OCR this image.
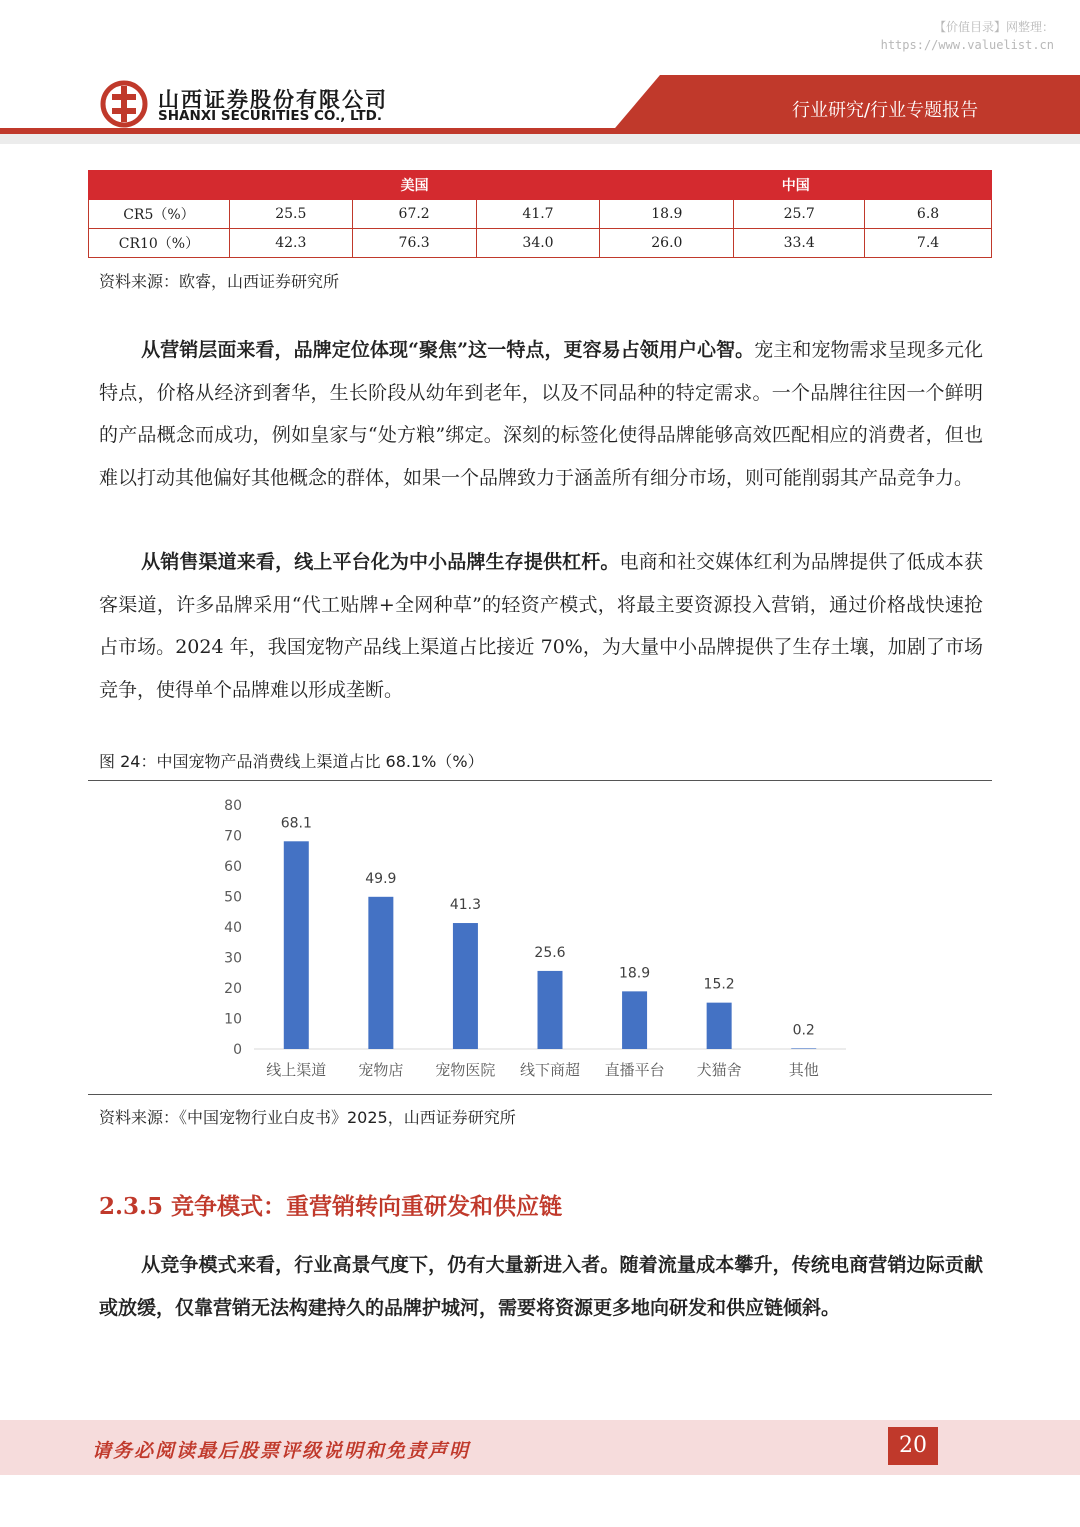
【价值目录】网整理：
https://www.valuelist.cn
山西证券股份有限公司
SHANXI SECURITIES CO., LTD.	行业研究/行业专题报告
	美国			中国		
CR5（%）	25.5	67.2	41.7	18.9	25.7	6.8
CR10（%）	42.3	76.3	34.0	26.0	33.4	7.4
资料来源：欧睿，山西证券研究所
从营销层面来看，品牌定位体现“聚焦”这一特点，更容易占领用户心智。宠主和宠物需求呈现多元化特点，价格从经济到奢华，生长阶段从幼年到老年，以及不同品种的特定需求。一个品牌往往因一个鲜明的产品概念而成功，例如皇家与“处方粮”绑定。深刻的标签化使得品牌能够高效匹配相应的消费者，但也难以打动其他偏好其他概念的群体，如果一个品牌致力于涵盖所有细分市场，则可能削弱其产品竞争力。
从销售渠道来看，线上平台化为中小品牌生存提供杠杆。电商和社交媒体红利为品牌提供了低成本获客渠道，许多品牌采用“代工贴牌+全网种草”的轻资产模式，将最主要资源投入营销，通过价格战快速抢占市场。2024 年，我国宠物产品线上渠道占比接近 70%，为大量中小品牌提供了生存土壤，加剧了市场竞争，使得单个品牌难以形成垄断。
图 24：中国宠物产品消费线上渠道占比 68.1%（%）
0
10
20
30
40
50
60
70
80
68.1
线上渠道
49.9
宠物店
41.3
宠物医院
25.6
线下商超
18.9
直播平台
15.2
犬猫舍
0.2
其他
资料来源：《中国宠物行业白皮书》2025，山西证券研究所
2.3.5 竞争模式：重营销转向重研发和供应链
从竞争模式来看，行业高景气度下，仍有大量新进入者。随着流量成本攀升，传统电商营销边际贡献或放缓，仅靠营销无法构建持久的品牌护城河，需要将资源更多地向研发和供应链倾斜。
请务必阅读最后股票评级说明和免责声明	20
